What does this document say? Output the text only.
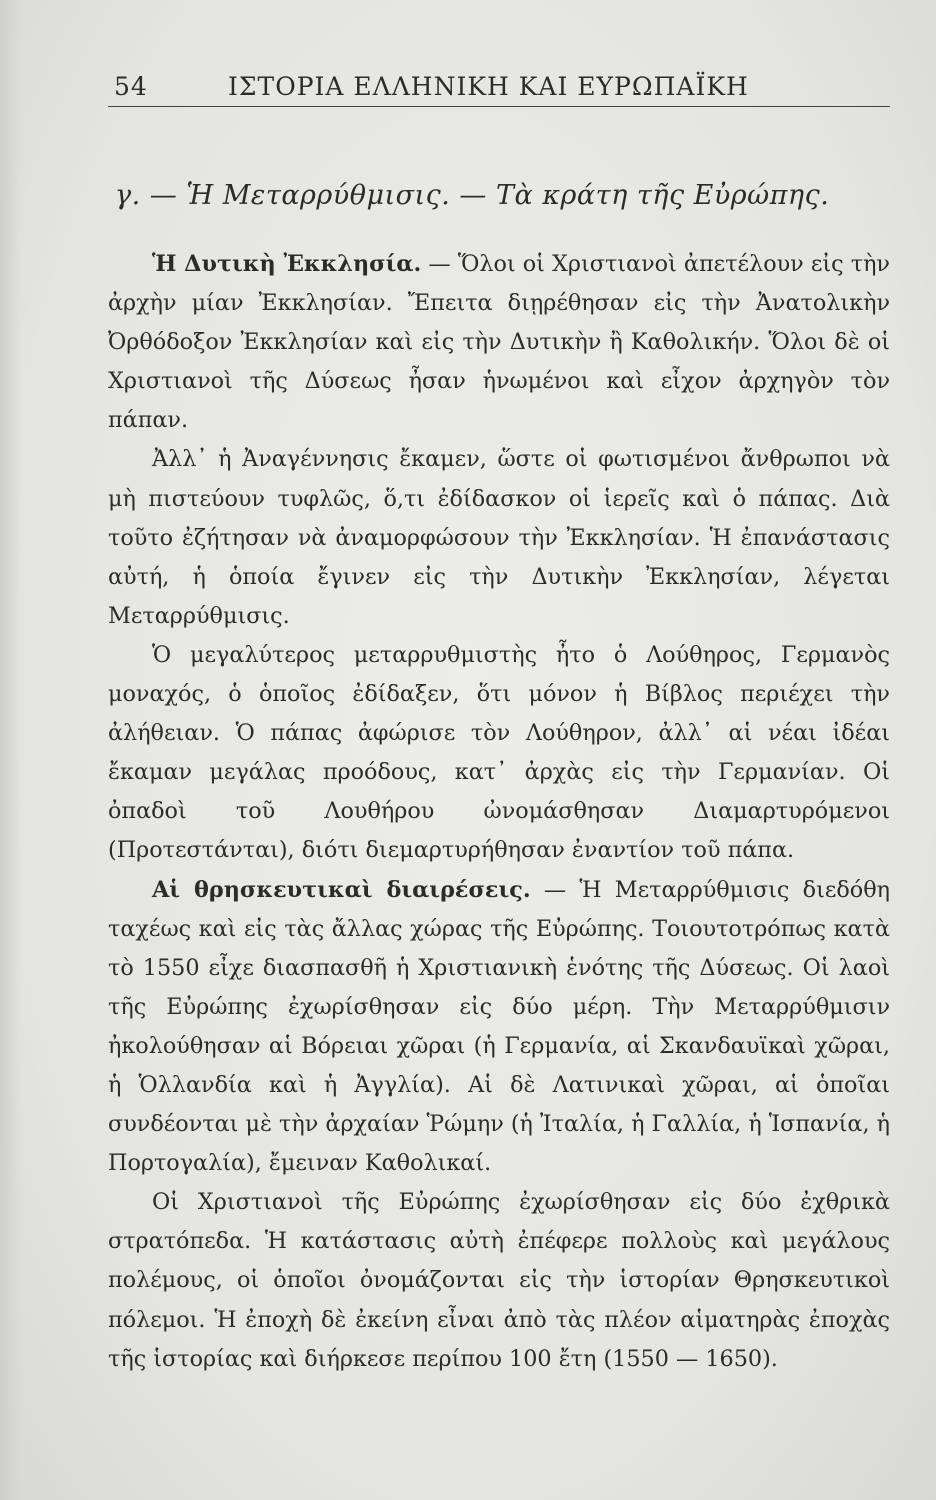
54	ΙΣΤΟΡΙΑ ΕΛΛΗΝΙΚΗ ΚΑΙ ΕΥΡΩΠΑΪΚΗ
γ. — Ἡ Μεταρρύθμισις. — Τὰ κράτη τῆς Εὐρώπης.

Ἡ Δυτικὴ Ἐκκλησία. — Ὅλοι οἱ Χριστιανοὶ ἀπετέλουν εἰς τὴν ἀρχὴν μίαν Ἐκκλησίαν. Ἔπειτα διῃρέθησαν εἰς τὴν Ἀνατολικὴν Ὀρθόδοξον Ἐκκλησίαν καὶ εἰς τὴν Δυτικὴν ἢ Καθολικήν. Ὅλοι δὲ οἱ Χριστιανοὶ τῆς Δύσεως ἦσαν ἡνωμένοι καὶ εἶχον ἀρχηγὸν τὸν πάπαν.

Ἀλλ᾽ ἡ Ἀναγέννησις ἔκαμεν, ὥστε οἱ φωτισμένοι ἄνθρωποι νὰ μὴ πιστεύουν τυφλῶς, ὅ,τι ἐδίδασκον οἱ ἱερεῖς καὶ ὁ πάπας. Διὰ τοῦτο ἐζήτησαν νὰ ἀναμορφώσουν τὴν Ἐκκλησίαν. Ἡ ἐπανάστασις αὐτή, ἡ ὁποία ἔγινεν εἰς τὴν Δυτικὴν Ἐκκλησίαν, λέγεται Μεταρρύθμισις.

Ὁ μεγαλύτερος μεταρρυθμιστὴς ἦτο ὁ Λούθηρος, Γερμανὸς μοναχός, ὁ ὁποῖος ἐδίδαξεν, ὅτι μόνον ἡ Βίβλος περιέχει τὴν ἀλήθειαν. Ὁ πάπας ἀφώρισε τὸν Λούθηρον, ἀλλ᾽ αἱ νέαι ἰδέαι ἔκαμαν μεγάλας προόδους, κατ᾽ ἀρχὰς εἰς τὴν Γερμανίαν. Οἱ ὀπαδοὶ τοῦ Λουθήρου ὠνομάσθησαν Διαμαρτυρόμενοι (Προτεστάνται), διότι διεμαρτυρήθησαν ἐναντίον τοῦ πάπα.

Αἱ θρησκευτικαὶ διαιρέσεις. — Ἡ Μεταρρύθμισις διεδόθη ταχέως καὶ εἰς τὰς ἄλλας χώρας τῆς Εὐρώπης. Τοιουτοτρόπως κατὰ τὸ 1550 εἶχε διασπασθῆ ἡ Χριστιανικὴ ἑνότης τῆς Δύσεως. Οἱ λαοὶ τῆς Εὐρώπης ἐχωρίσθησαν εἰς δύο μέρη. Τὴν Μεταρρύθμισιν ἠκολούθησαν αἱ Βόρειαι χῶραι (ἡ Γερμανία, αἱ Σκανδαυϊκαὶ χῶραι, ἡ Ὁλλανδία καὶ ἡ Ἀγγλία). Αἱ δὲ Λατινικαὶ χῶραι, αἱ ὁποῖαι συνδέονται μὲ τὴν ἀρχαίαν Ῥώμην (ἡ Ἰταλία, ἡ Γαλλία, ἡ Ἱσπανία, ἡ Πορτογαλία), ἔμειναν Καθολικαί.

Οἱ Χριστιανοὶ τῆς Εὐρώπης ἐχωρίσθησαν εἰς δύο ἐχθρικὰ στρατόπεδα. Ἡ κατάστασις αὐτὴ ἐπέφερε πολλοὺς καὶ μεγάλους πολέμους, οἱ ὁποῖοι ὀνομάζονται εἰς τὴν ἱστορίαν Θρησκευτικοὶ πόλεμοι. Ἡ ἐποχὴ δὲ ἐκείνη εἶναι ἀπὸ τὰς πλέον αἱματηρὰς ἐποχὰς τῆς ἱστορίας καὶ διήρκεσε περίπου 100 ἔτη (1550 — 1650).
